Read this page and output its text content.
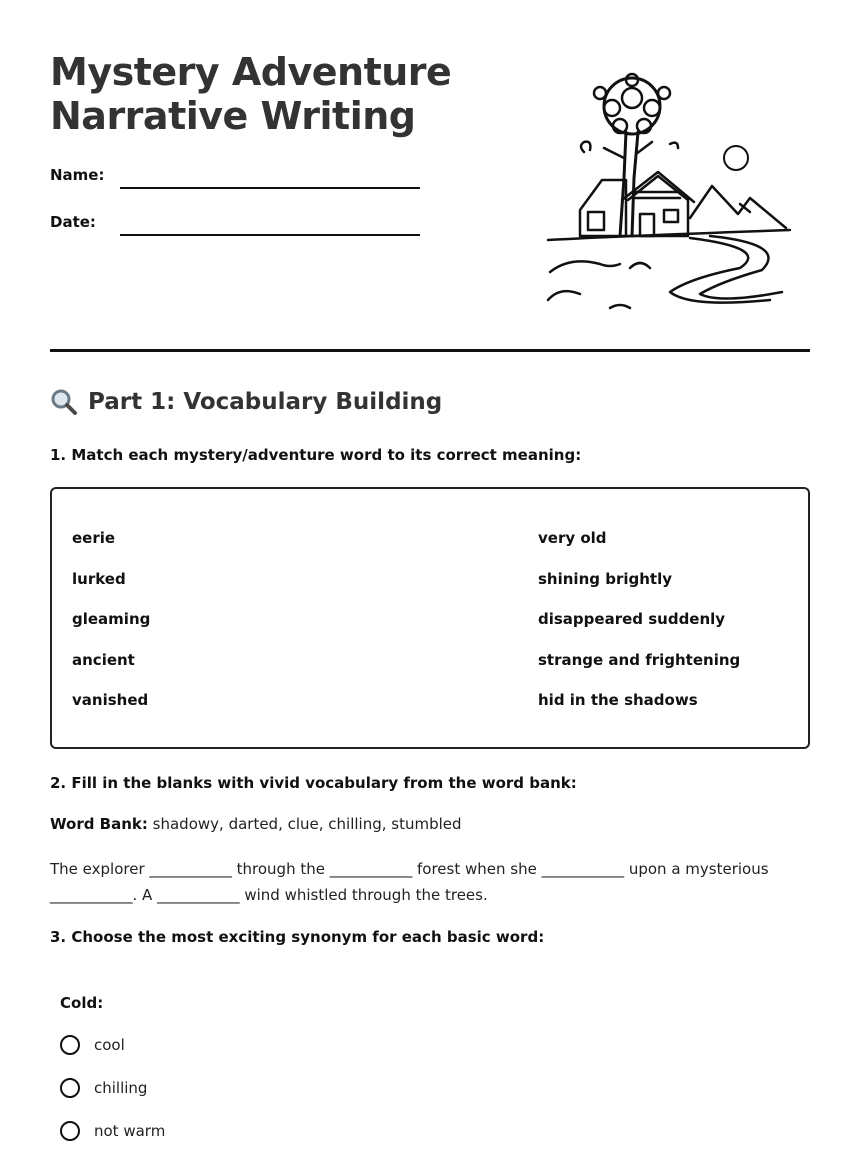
Mystery Adventure
Narrative Writing
Name:
Date:
Part 1: Vocabulary Building
1. Match each mystery/adventure word to its correct meaning:
eerie
lurked
gleaming
ancient
vanished
very old
shining brightly
disappeared suddenly
strange and frightening
hid in the shadows
2. Fill in the blanks with vivid vocabulary from the word bank:
Word Bank: shadowy, darted, clue, chilling, stumbled
The explorer ___________ through the ___________ forest when she ___________ upon a mysterious ___________. A ___________ wind whistled through the trees.
3. Choose the most exciting synonym for each basic word:
Cold:
cool
chilling
not warm
